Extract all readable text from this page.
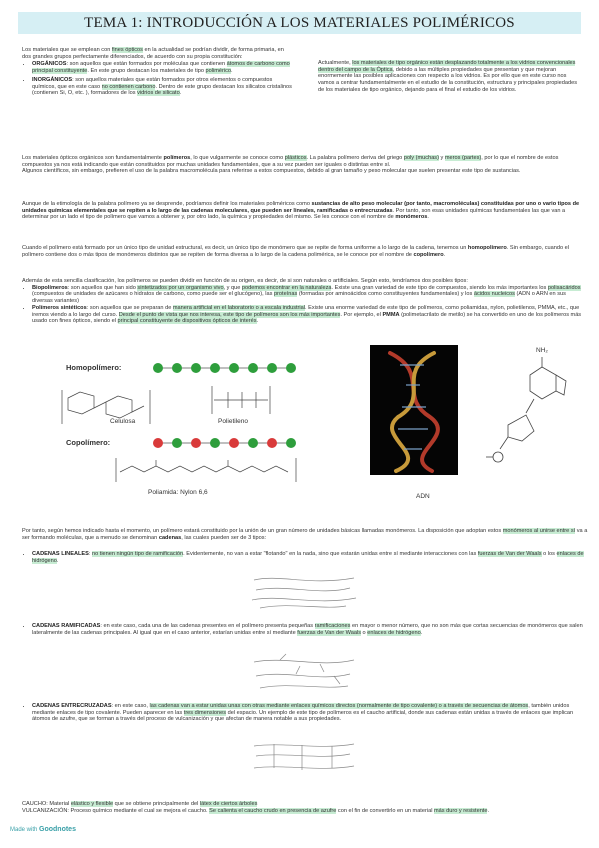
TEMA 1: INTRODUCCIÓN A LOS MATERIALES POLIMÉRICOS

Los materiales que se emplean con fines ópticos en la actualidad se podrían dividir, de forma primaria, en dos grandes grupos perfectamente diferenciados, de acuerdo con su propia constitución:

• ORGÁNICOS: son aquellos que están formados por moléculas que contienen átomos de carbono como principal constituyente. En este grupo destacan los materiales de tipo polimérico.
• INORGÁNICOS: son aquellos materiales que están formados por otros elementos o compuestos químicos, que en este caso no contienen carbono. Dentro de este grupo destacan los silicatos cristalinos (contienen Si, O, etc. ), formadores de los vidrios de silicato.

Actualmente, los materiales de tipo orgánico están desplazando totalmente a los vidrios convencionales dentro del campo de la Óptica, debido a las múltiples propiedades que presentan y que mejoran enormemente las posibles aplicaciones con respecto a los vidrios. Es por ello que en este curso nos vamos a centrar fundamentalmente en el estudio de la constitución, estructura y principales propiedades de los materiales de tipo orgánico, dejando para el final el estudio de los vidrios.

Los materiales ópticos orgánicos son fundamentalmente polímeros, lo que vulgarmente se conoce como plásticos. La palabra polímero deriva del griego poly (muchas) y meros (partes), por lo que el nombre de estos compuestos ya nos está indicando que están constituidos por muchas unidades fundamentales, que a su vez pueden ser iguales o distintas entre sí.

Algunos científicos, sin embargo, prefieren el uso de la palabra macromolécula para referirse a estos compuestos, debido al gran tamaño y peso molecular que suelen presentar este tipo de sustancias.

Aunque de la etimología de la palabra polímero ya se desprende, podríamos definir los materiales poliméricos como sustancias de alto peso molecular (por tanto, macromoléculas) constituidas por uno o vario tipos de unidades químicas elementales que se repiten a lo largo de las cadenas moleculares, que pueden ser lineales, ramificadas o entrecruzadas. Por tanto, son esas unidades químicas fundamentales las que van a determinar por un lado el tipo de polímero que vamos a obtener y, por otro lado, la química y propiedades del mismo. Se les conoce con el nombre de monómeros.

Cuando el polímero está formado por un único tipo de unidad estructural, es decir, un único tipo de monómero que se repite de forma uniforme a lo largo de la cadena, tenemos un homopolímero. Sin embargo, cuando el polímero contiene dos o más tipos de monómeros distintos que se repiten de forma diversa a lo largo de la cadena polimérica, se le conoce por el nombre de copolímero.

Además de esta sencilla clasificación, los polímeros se pueden dividir en función de su origen, es decir, de si son naturales o artificiales. Según esto, tendríamos dos posibles tipos:

• Biopolímeros: son aquellos que han sido sintetizados por un organismo vivo, y que podemos encontrar en la naturaleza. Existe una gran variedad de este tipo de compuestos, siendo los más importantes los polisacáridos (compuestos de unidades de azúcares o hidratos de carbono, como puede ser el glucógeno), las proteínas (formadas por aminoácidos como constituyentes fundamentales) y los ácidos nucleicos (ADN o ARN en sus diversas variantes)
• Polímeros sintéticos: son aquellos que se preparan de manera artificial en el laboratorio o a escala industrial. Existe una enorme variedad de este tipo de polímeros, como poliamidas, nylon, polietilenos, PMMA, etc., que iremos viendo a lo largo del curso. Desde el punto de vista que nos interesa, este tipo de polímeros son los más importantes. Por ejemplo, el PMMA (polimetacrilato de metilo) se ha convertido en uno de los polímeros más usado con fines ópticos, siendo el principal constituyente de dispositivos ópticos de interés.
Homopolímero:
Celulosa	Polietileno
Copolímero:
Poliamida: Nylon 6,6
ADN
NH₂

Por tanto, según hemos indicado hasta el momento, un polímero estará constituido por la unión de un gran número de unidades básicas llamadas monómeros. La disposición que adoptan estos monómeros al unirse entre sí va a ser formando moléculas, que a menudo se denominan cadenas, las cuales pueden ser de 3 tipos:

• CADENAS LINEALES: no tienen ningún tipo de ramificación. Evidentemente, no van a estar "flotando" en la nada, sino que estarán unidas entre sí mediante interacciones con las fuerzas de Van der Waals o los enlaces de hidrógeno.
• CADENAS RAMIFICADAS: en este caso, cada una de las cadenas presentes en el polímero presenta pequeñas ramificaciones en mayor o menor número, que no son más que cortas secuencias de monómeros que salen lateralmente de las cadenas principales. Al igual que en el caso anterior, estarían unidas entre sí mediante fuerzas de Van der Waals o enlaces de hidrógeno.
• CADENAS ENTRECRUZADAS: en este caso, las cadenas van a estar unidas unas con otras mediante enlaces químicos directos (normalmente de tipo covalente) o a través de secuencias de átomos, también unidos mediante enlaces de tipo covalente. Pueden aparecer en las tres dimensiones del espacio. Un ejemplo de este tipo de polímeros es el caucho artificial, donde sus cadenas están unidas a través de enlaces que implican átomos de azufre, que se forman a través del proceso de vulcanización y que afectan de manera notable a sus propiedades.

CAUCHO: Material elástico y flexible que se obtiene principalmente del látex de ciertos árboles

VULCANIZACIÓN: Proceso químico mediante el cual se mejora el caucho. Se calienta el caucho crudo en presencia de azufre con el fin de convertirlo en un material más duro y resistente.

Made with Goodnotes
